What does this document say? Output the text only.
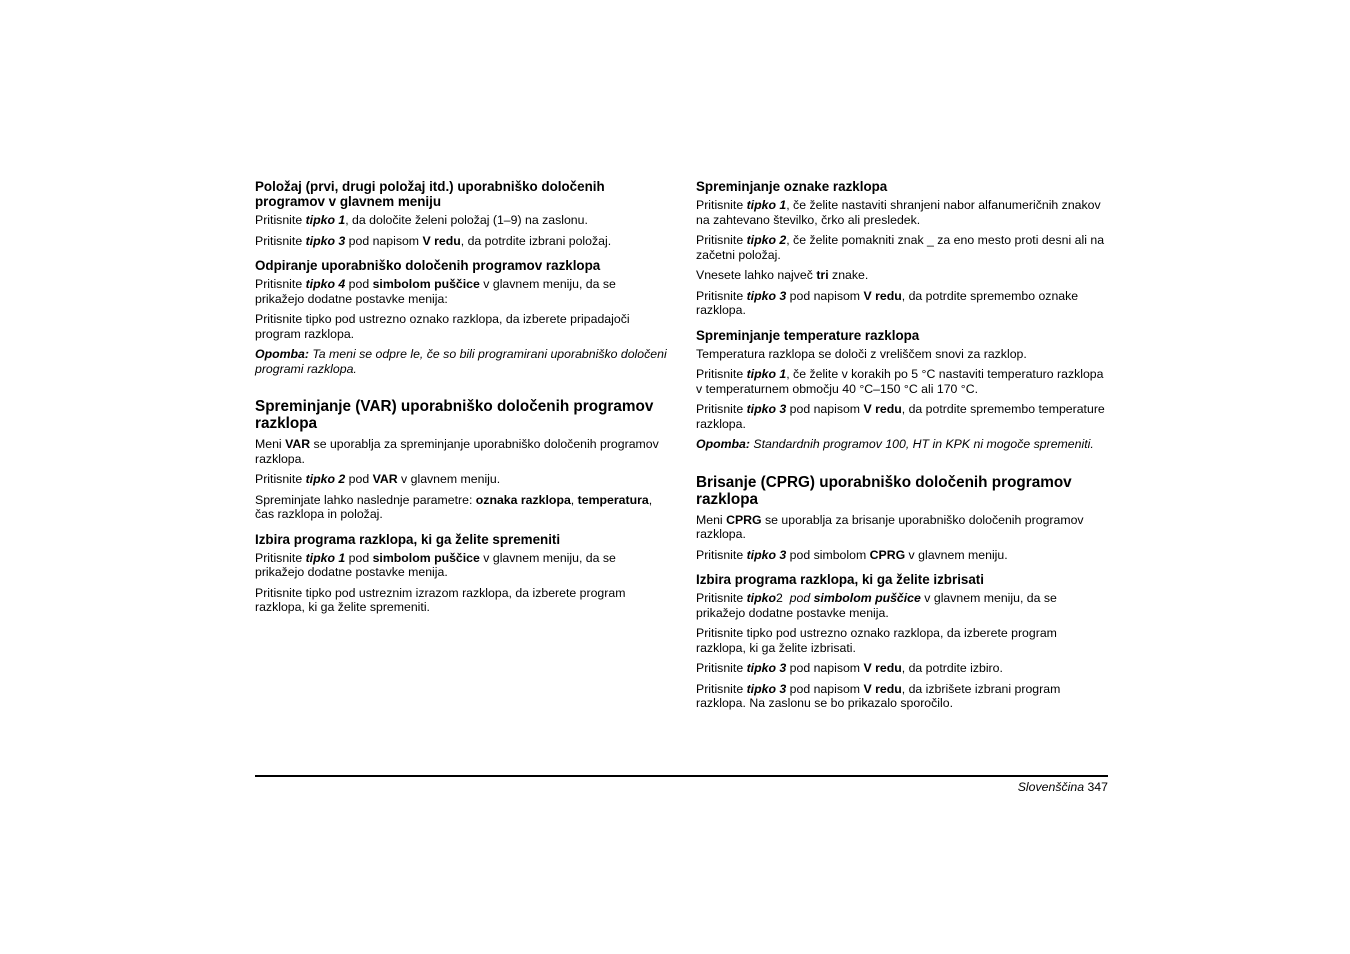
Položaj (prvi, drugi položaj itd.) uporabniško določenih programov v glavnem meniju

Pritisnite tipko 1, da določite želeni položaj (1–9) na zaslonu.

Pritisnite tipko 3 pod napisom V redu, da potrdite izbrani položaj.

Odpiranje uporabniško določenih programov razklopa

Pritisnite tipko 4 pod simbolom puščice v glavnem meniju, da se prikažejo dodatne postavke menija:

Pritisnite tipko pod ustrezno oznako razklopa, da izberete pripadajoči program razklopa.

Opomba: Ta meni se odpre le, če so bili programirani uporabniško določeni programi razklopa.

Spreminjanje (VAR) uporabniško določenih programov razklopa

Meni VAR se uporablja za spreminjanje uporabniško določenih programov razklopa.

Pritisnite tipko 2 pod VAR v glavnem meniju.

Spreminjate lahko naslednje parametre: oznaka razklopa, temperatura, čas razklopa in položaj.

Izbira programa razklopa, ki ga želite spremeniti

Pritisnite tipko 1 pod simbolom puščice v glavnem meniju, da se prikažejo dodatne postavke menija.

Pritisnite tipko pod ustreznim izrazom razklopa, da izberete program razklopa, ki ga želite spremeniti.

Spreminjanje oznake razklopa

Pritisnite tipko 1, če želite nastaviti shranjeni nabor alfanumeričnih znakov na zahtevano številko, črko ali presledek.

Pritisnite tipko 2, če želite pomakniti znak _ za eno mesto proti desni ali na začetni položaj.

Vnesete lahko največ tri znake.

Pritisnite tipko 3 pod napisom V redu, da potrdite spremembo oznake razklopa.

Spreminjanje temperature razklopa

Temperatura razklopa se določi z vreliščem snovi za razklop.

Pritisnite tipko 1, če želite v korakih po 5 °C nastaviti temperaturo razklopa v temperaturnem območju 40 °C–150 °C ali 170 °C.

Pritisnite tipko 3 pod napisom V redu, da potrdite spremembo temperature razklopa.

Opomba: Standardnih programov 100, HT in KPK ni mogoče spremeniti.

Brisanje (CPRG) uporabniško določenih programov razklopa

Meni CPRG se uporablja za brisanje uporabniško določenih programov razklopa.

Pritisnite tipko 3 pod simbolom CPRG v glavnem meniju.

Izbira programa razklopa, ki ga želite izbrisati

Pritisnite tipko2  pod simbolom puščice v glavnem meniju, da se prikažejo dodatne postavke menija.

Pritisnite tipko pod ustrezno oznako razklopa, da izberete program razklopa, ki ga želite izbrisati.

Pritisnite tipko 3 pod napisom V redu, da potrdite izbiro.

Pritisnite tipko 3 pod napisom V redu, da izbrišete izbrani program razklopa. Na zaslonu se bo prikazalo sporočilo.

Slovenščina 347
